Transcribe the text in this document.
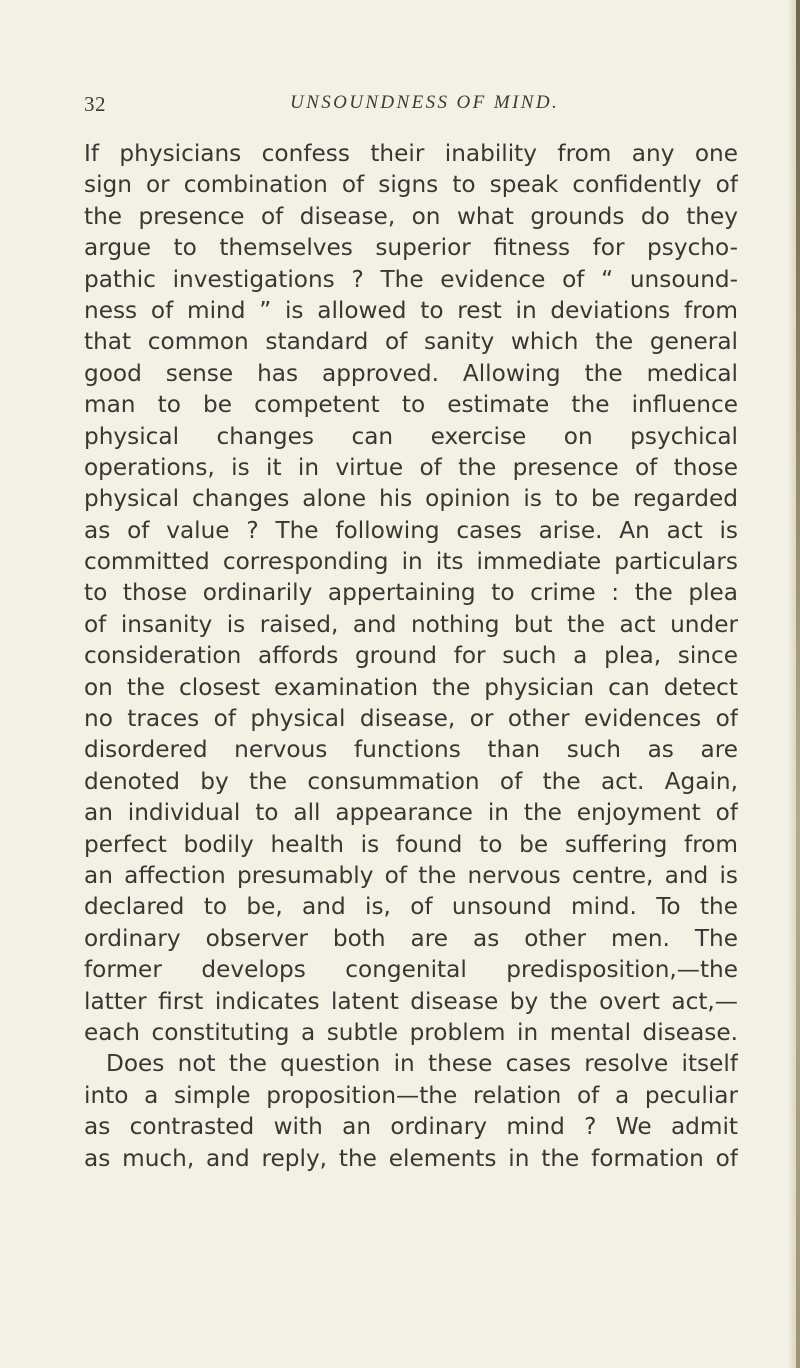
32	UNSOUNDNESS OF MIND.
If physicians confess their inability from any one
sign or combination of signs to speak confidently of
the presence of disease, on what grounds do they
argue to themselves superior fitness for psycho-
pathic investigations ? The evidence of “ unsound-
ness of mind ” is allowed to rest in deviations from
that common standard of sanity which the general
good sense has approved. Allowing the medical
man to be competent to estimate the influence
physical changes can exercise on psychical
operations, is it in virtue of the presence of those
physical changes alone his opinion is to be regarded
as of value ? The following cases arise. An act is
committed corresponding in its immediate particulars
to those ordinarily appertaining to crime : the plea
of insanity is raised, and nothing but the act under
consideration affords ground for such a plea, since
on the closest examination the physician can detect
no traces of physical disease, or other evidences of
disordered nervous functions than such as are
denoted by the consummation of the act. Again,
an individual to all appearance in the enjoyment of
perfect bodily health is found to be suffering from
an affection presumably of the nervous centre, and is
declared to be, and is, of unsound mind. To the
ordinary observer both are as other men. The
former develops congenital predisposition,—the
latter first indicates latent disease by the overt act,—
each constituting a subtle problem in mental disease.
Does not the question in these cases resolve itself
into a simple proposition—the relation of a peculiar
as contrasted with an ordinary mind ? We admit
as much, and reply, the elements in the formation of
